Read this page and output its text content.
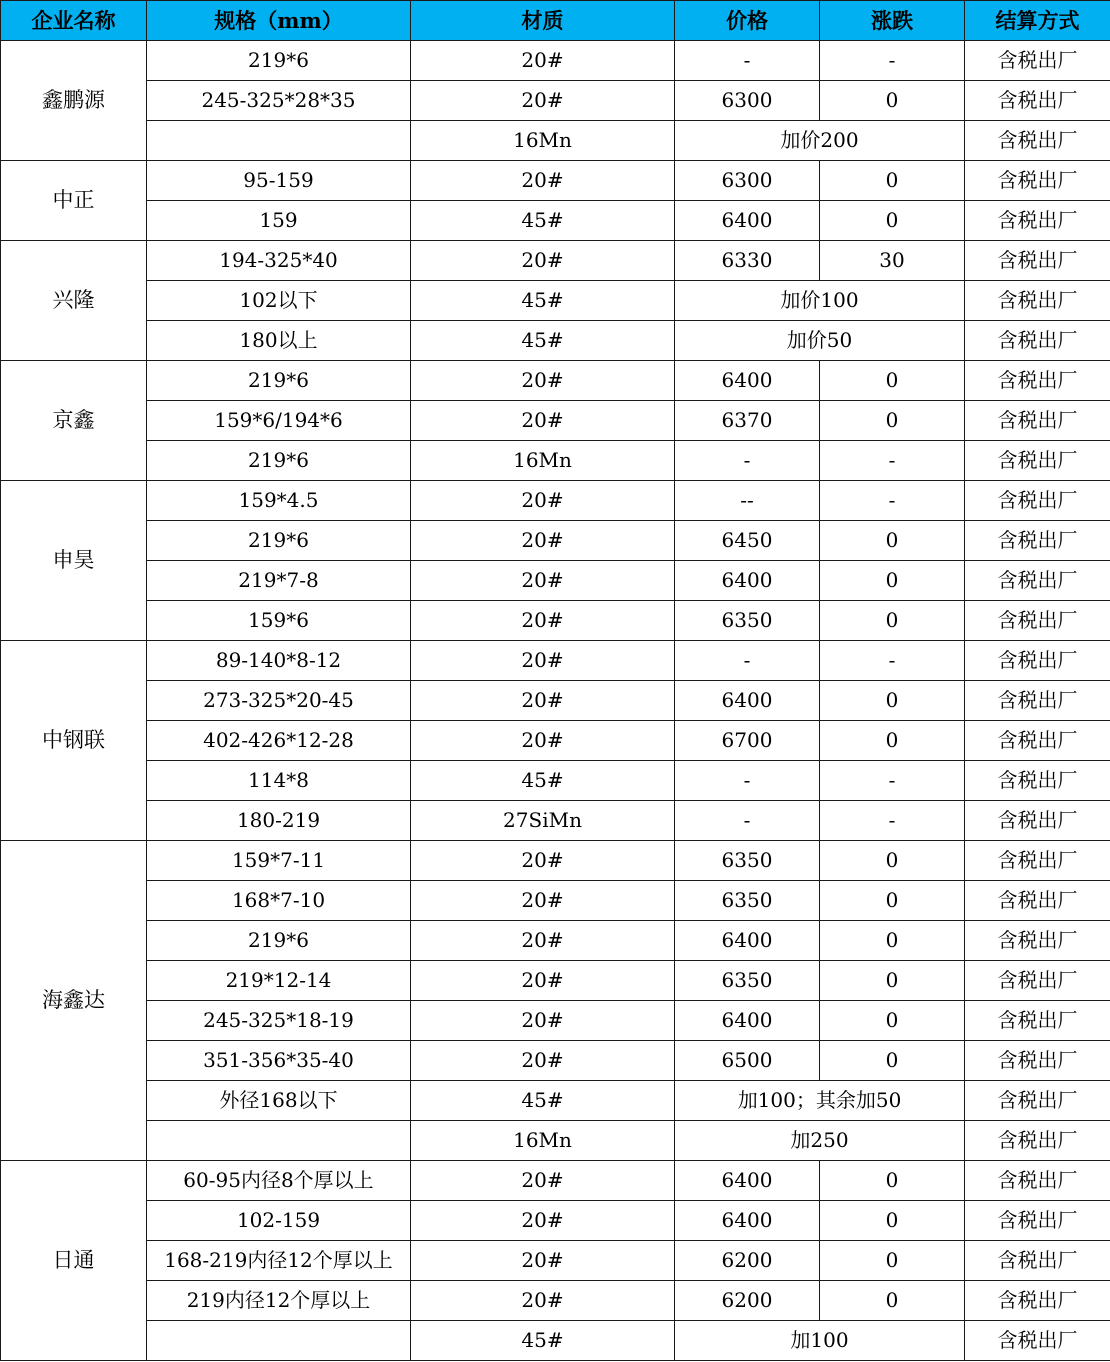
企业名称	规格（mm）	材质	价格	涨跌	结算方式
鑫鹏源	219*6	20#	-	-	含税出厂
	245-325*28*35	20#	6300	0	含税出厂
		16Mn	加价200		含税出厂
中正	95-159	20#	6300	0	含税出厂
	159	45#	6400	0	含税出厂
兴隆	194-325*40	20#	6330	30	含税出厂
	102以下	45#	加价100		含税出厂
	180以上	45#	加价50		含税出厂
京鑫	219*6	20#	6400	0	含税出厂
	159*6/194*6	20#	6370	0	含税出厂
	219*6	16Mn	-	-	含税出厂
申昊	159*4.5	20#	--	-	含税出厂
	219*6	20#	6450	0	含税出厂
	219*7-8	20#	6400	0	含税出厂
	159*6	20#	6350	0	含税出厂
中钢联	89-140*8-12	20#	-	-	含税出厂
	273-325*20-45	20#	6400	0	含税出厂
	402-426*12-28	20#	6700	0	含税出厂
	114*8	45#	-	-	含税出厂
	180-219	27SiMn	-	-	含税出厂
海鑫达	159*7-11	20#	6350	0	含税出厂
	168*7-10	20#	6350	0	含税出厂
	219*6	20#	6400	0	含税出厂
	219*12-14	20#	6350	0	含税出厂
	245-325*18-19	20#	6400	0	含税出厂
	351-356*35-40	20#	6500	0	含税出厂
	外径168以下	45#	加100；其余加50		含税出厂
		16Mn	加250		含税出厂
日通	60-95内径8个厚以上	20#	6400	0	含税出厂
	102-159	20#	6400	0	含税出厂
	168-219内径12个厚以上	20#	6200	0	含税出厂
	219内径12个厚以上	20#	6200	0	含税出厂
		45#	加100		含税出厂
